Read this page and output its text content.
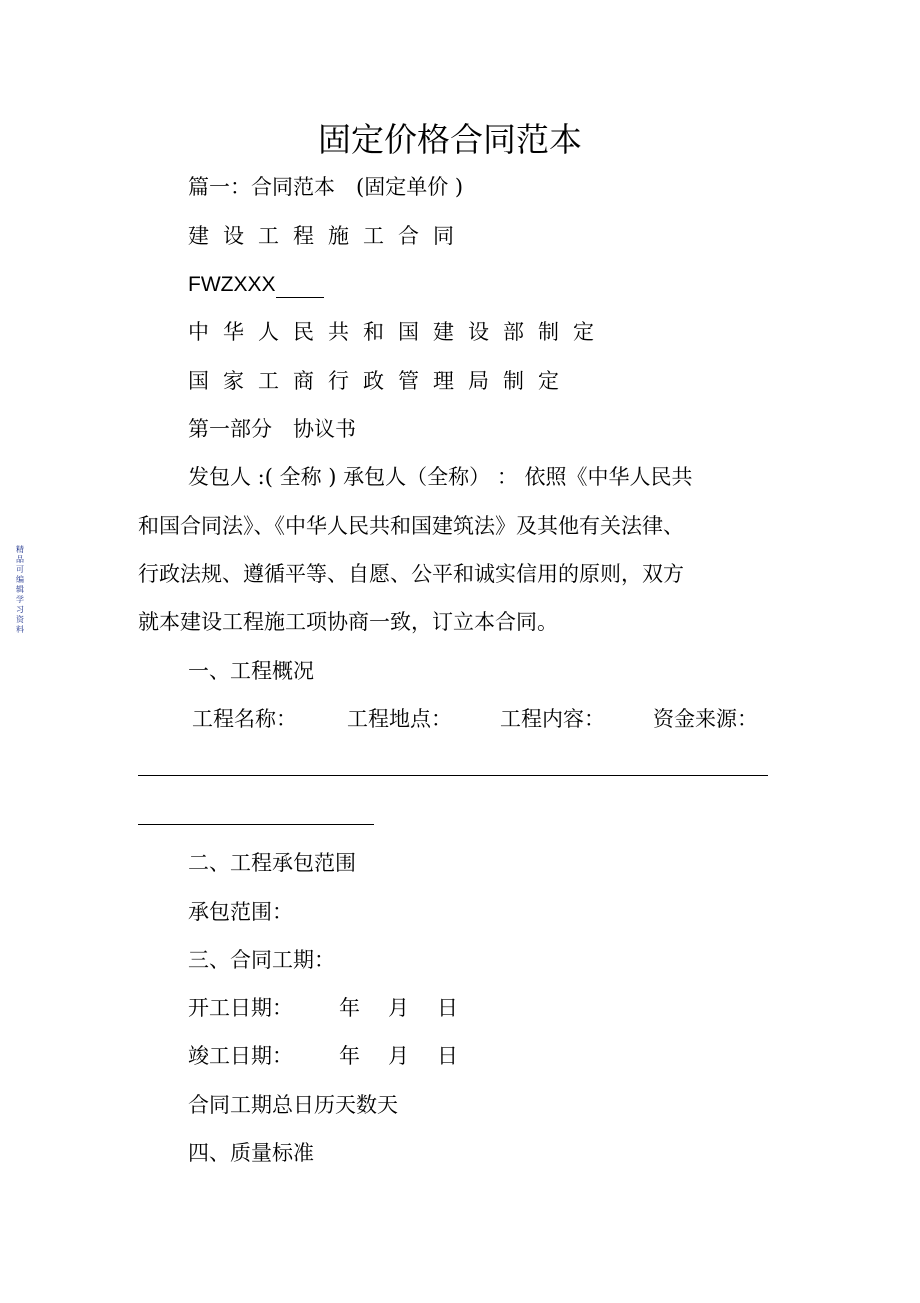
精
品
可
编
辑
学
习
资
料
固定价格合同范本
篇一：合同范本　(固定单价 )
建设工程施工合同
FWZXXX
中华人民共和国建设部制定
国家工商行政管理局制定
第一部分　协议书
发包人 :( 全称 ) 承包人（全称） ： 依照《中华人民共
和国合同法》、《中华人民共和国建筑法》及其他有关法律、
行政法规、遵循平等、自愿、公平和诚实信用的原则，双方
就本建设工程施工项协商一致，订立本合同。
一、工程概况
工程名称： 工程地点： 工程内容： 资金来源：
二、工程承包范围
承包范围：
三、合同工期：
开工日期： 年 月 日
竣工日期： 年 月 日
合同工期总日历天数天
四、质量标准
